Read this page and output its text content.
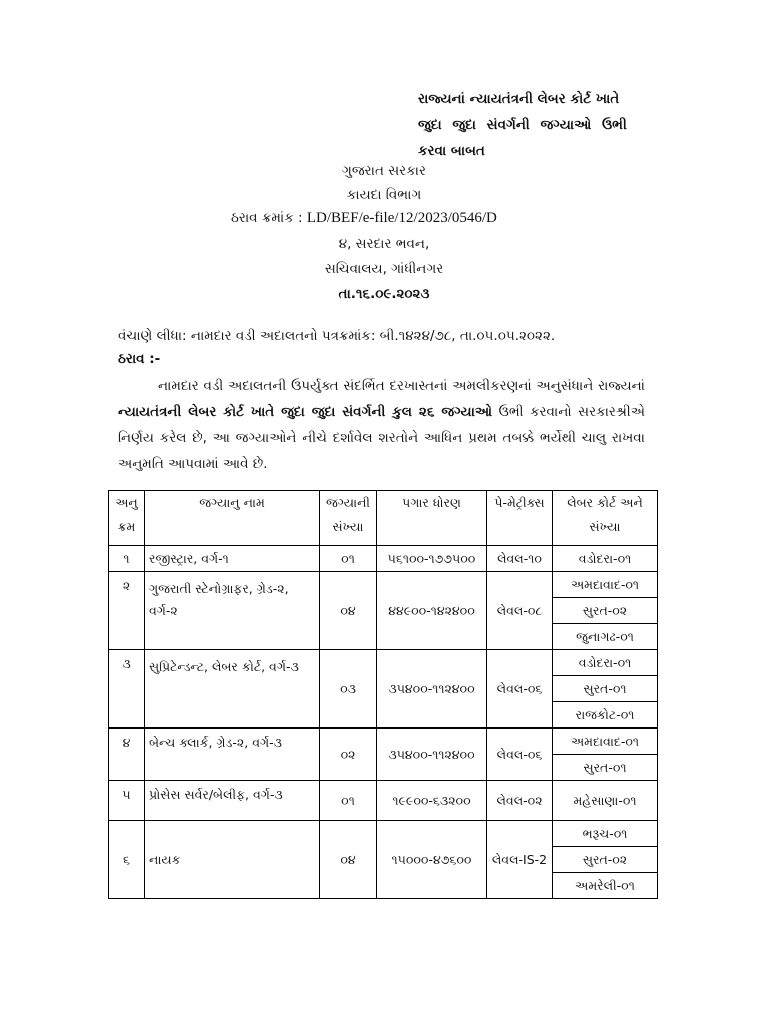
રાજ્યનાં ન્યાયતંત્રની લેબર કોર્ટ ખાતે
જુદા જુદા સંવર્ગની જગ્યાઓ ઉભી
કરવા બાબત
ગુજરાત સરકાર
કાયદા વિભાગ
ઠરાવ ક્રમાંક : LD/BEF/e-file/12/2023/0546/D
૪, સરદાર ભવન,
સચિવાલય, ગાંધીનગર
તા.૧૬.૦૯.૨૦૨૩
વંચાણે લીધા: નામદાર વડી અદાલતનો પત્રક્રમાંક: બી.૧૪૨૪/૭૮, તા.૦૫.૦૫.૨૦૨૨.
ઠરાવ :-

નામદાર વડી અદાલતની ઉપર્યુક્ત સંદર્ભિત દરખાસ્તનાં અમલીકરણનાં અનુસંધાને રાજ્યનાં ન્યાયતંત્રની લેબર કોર્ટ ખાતે જુદા જુદા સંવર્ગની કુલ ૨૬ જગ્યાઓ ઉભી કરવાનો સરકારશ્રીએ નિર્ણય કરેલ છે, આ જગ્યાઓને નીચે દર્શાવેલ શરતોને આધિન પ્રથમ તબક્કે ભર્યેથી ચાલુ રાખવા અનુમતિ આપવામાં આવે છે.

અનુ ક્રમ	જગ્યાનુ નામ	જગ્યાની સંખ્યા	પગાર ધોરણ	પે-મેટ્રીક્સ	લેબર કોર્ટ અને સંખ્યા
૧	રજીસ્ટ્રાર, વર્ગ-૧	૦૧	૫૬૧૦૦-૧૭૭૫૦૦	લેવલ-૧૦	વડોદરા-૦૧
૨	ગુજરાતી સ્ટેનોગ્રાફર, ગ્રેડ-૨, વર્ગ-૨	૦૪	૪૪૯૦૦-૧૪૨૪૦૦	લેવલ-૦૮	અમદાવાદ-૦૧
					સુરત-૦૨
					જુનાગઢ-૦૧
૩	સુપ્રિટેન્ડન્ટ, લેબર કોર્ટ, વર્ગ-૩	૦૩	૩૫૪૦૦-૧૧૨૪૦૦	લેવલ-૦૬	વડોદરા-૦૧
					સુરત-૦૧
					રાજકોટ-૦૧
૪	બેન્ચ ક્લાર્ક, ગ્રેડ-૨, વર્ગ-૩	૦૨	૩૫૪૦૦-૧૧૨૪૦૦	લેવલ-૦૬	અમદાવાદ-૦૧
					સુરત-૦૧
૫	પ્રોસેસ સર્વર/બેલીફ, વર્ગ-૩	૦૧	૧૯૯૦૦-૬૩૨૦૦	લેવલ-૦૨	મહેસાણા-૦૧
૬	નાયક	૦૪	૧૫૦૦૦-૪૭૬૦૦	લેવલ-IS-2	ભરૂચ-૦૧
					સુરત-૦૨
					અમરેલી-૦૧
